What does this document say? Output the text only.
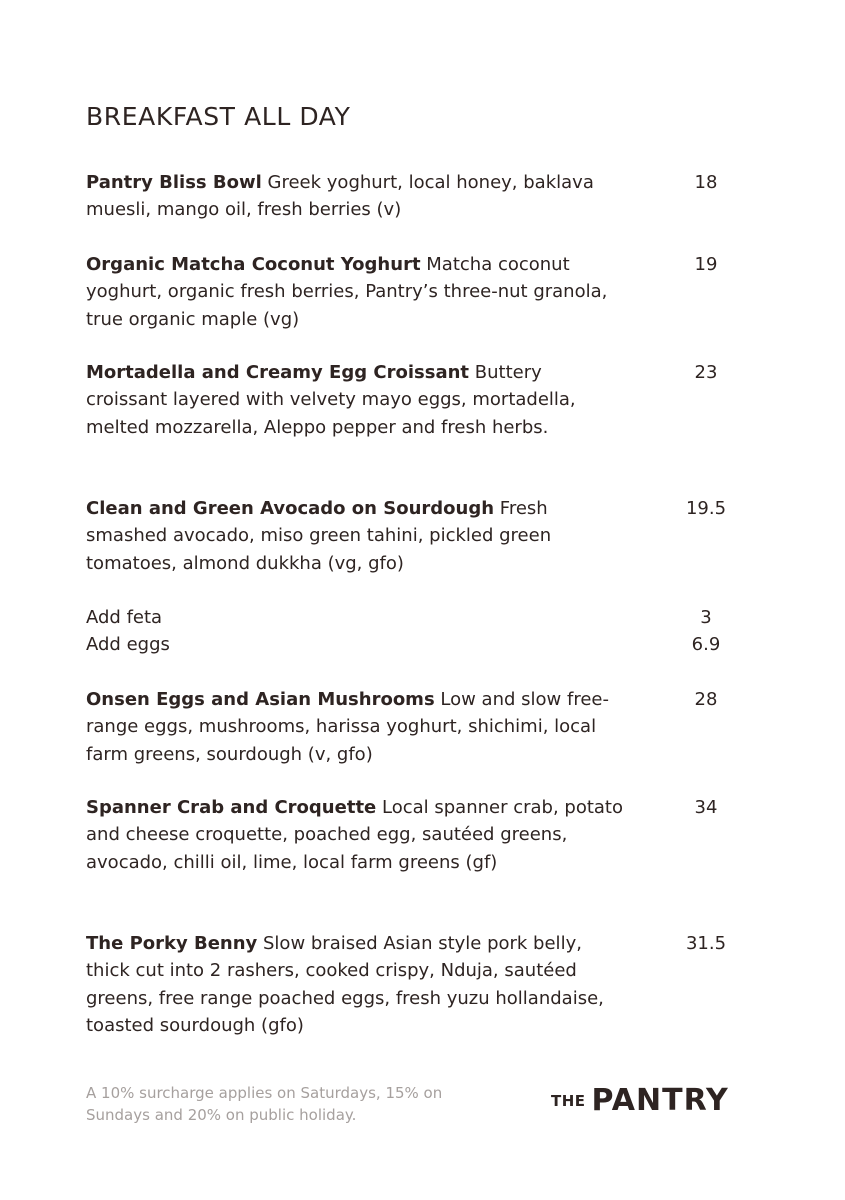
BREAKFAST ALL DAY
Pantry Bliss Bowl Greek yoghurt, local honey, baklava muesli, mango oil, fresh berries (v)
18
Organic Matcha Coconut Yoghurt Matcha coconut yoghurt, organic fresh berries, Pantry’s three-nut granola, true organic maple (vg)
19
Mortadella and Creamy Egg Croissant Buttery croissant layered with velvety mayo eggs, mortadella, melted mozzarella, Aleppo pepper and fresh herbs.
23
Clean and Green Avocado on Sourdough Fresh smashed avocado, miso green tahini, pickled green tomatoes, almond dukkha (vg, gfo)
19.5
Add feta	3
Add eggs	6.9
Onsen Eggs and Asian Mushrooms Low and slow free-range eggs, mushrooms, harissa yoghurt, shichimi, local farm greens, sourdough (v, gfo)
28
Spanner Crab and Croquette Local spanner crab, potato and cheese croquette, poached egg, sautéed greens, avocado, chilli oil, lime, local farm greens (gf)
34
The Porky Benny Slow braised Asian style pork belly, thick cut into 2 rashers, cooked crispy, Nduja, sautéed greens, free range poached eggs, fresh yuzu hollandaise, toasted sourdough (gfo)
31.5
A 10% surcharge applies on Saturdays, 15% on Sundays and 20% on public holiday.
THE PANTRY
